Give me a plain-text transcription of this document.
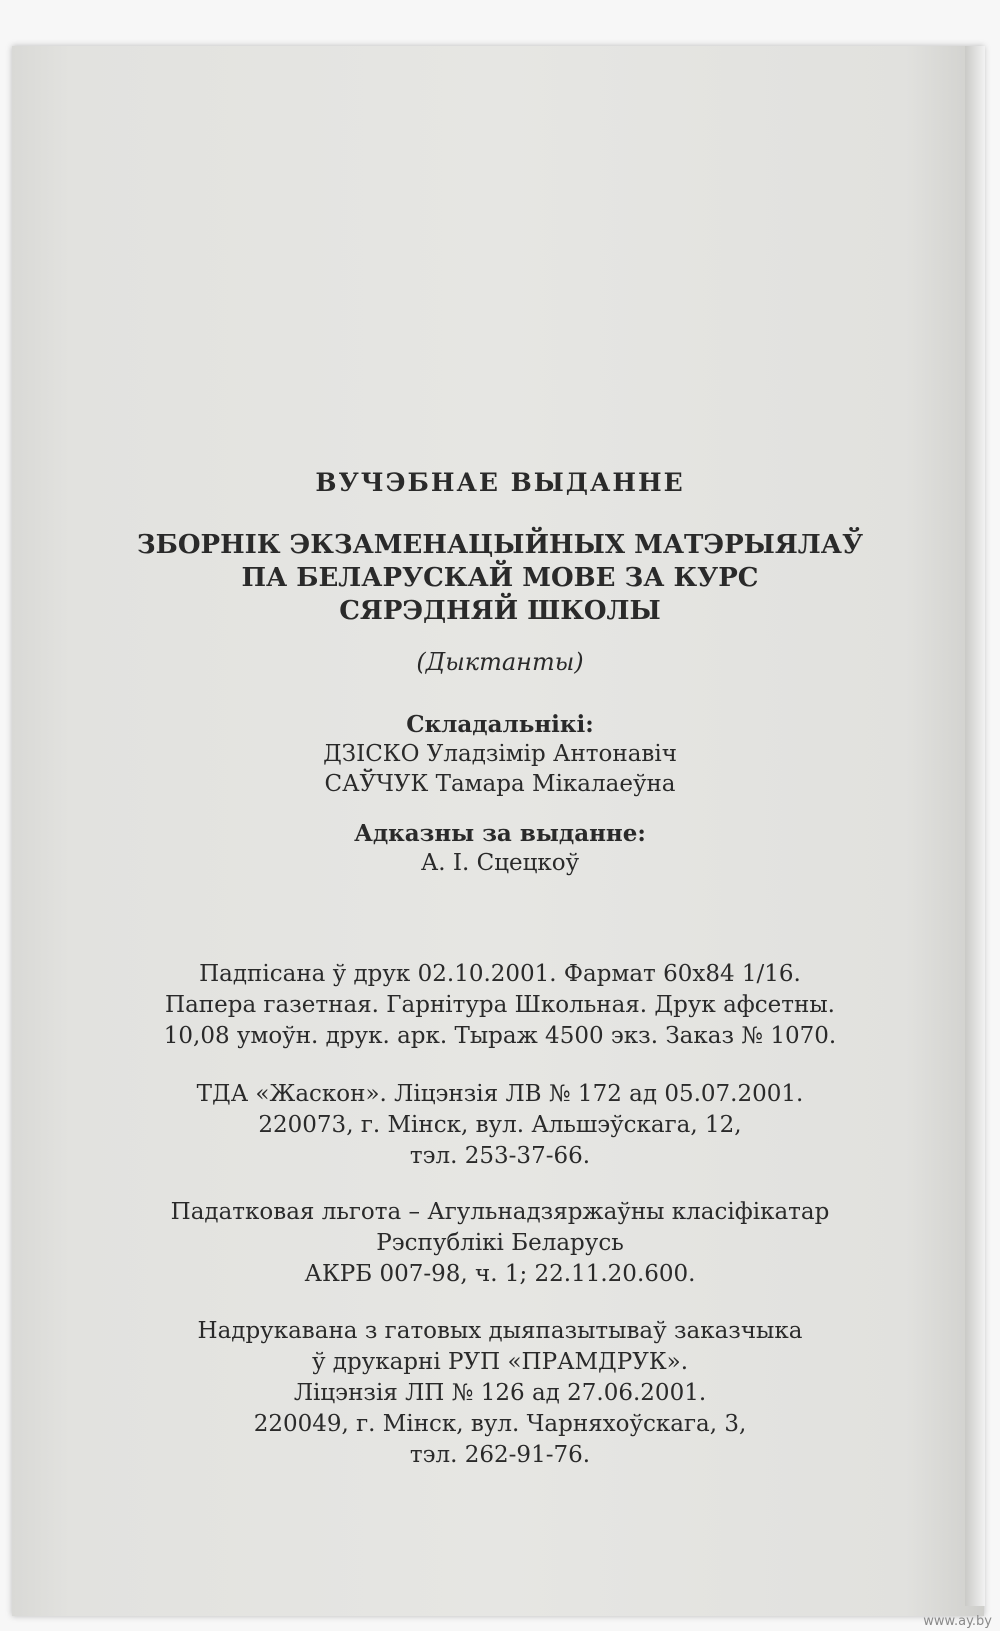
ВУЧЭБНАЕ ВЫДАННЕ
ЗБОРНІК ЭКЗАМЕНАЦЫЙНЫХ МАТЭРЫЯЛАЎ
ПА БЕЛАРУСКАЙ МОВЕ ЗА КУРС
СЯРЭДНЯЙ ШКОЛЫ
(Дыктанты)
Складальнікі:
ДЗІСКО Уладзімір Антонавіч
САЎЧУК Тамара Мікалаеўна
Адказны за выданне:
А. І. Сцецкоў
Падпісана ў друк 02.10.2001. Фармат 60х84 1/16.
Папера газетная. Гарнітура Школьная. Друк афсетны.
10,08 умоўн. друк. арк. Тыраж 4500 экз. Заказ № 1070.
ТДА «Жаскон». Ліцэнзія ЛВ № 172 ад 05.07.2001.
220073, г. Мінск, вул. Альшэўскага, 12,
тэл. 253-37-66.
Падатковая льгота – Агульнадзяржаўны класіфікатар
Рэспублікі Беларусь
АКРБ 007-98, ч. 1; 22.11.20.600.
Надрукавана з гатовых дыяпазытываў заказчыка
ў друкарні РУП «ПРАМДРУК».
Ліцэнзія ЛП № 126 ад 27.06.2001.
220049, г. Мінск, вул. Чарняхоўскага, 3,
тэл. 262-91-76.
www.ay.by
